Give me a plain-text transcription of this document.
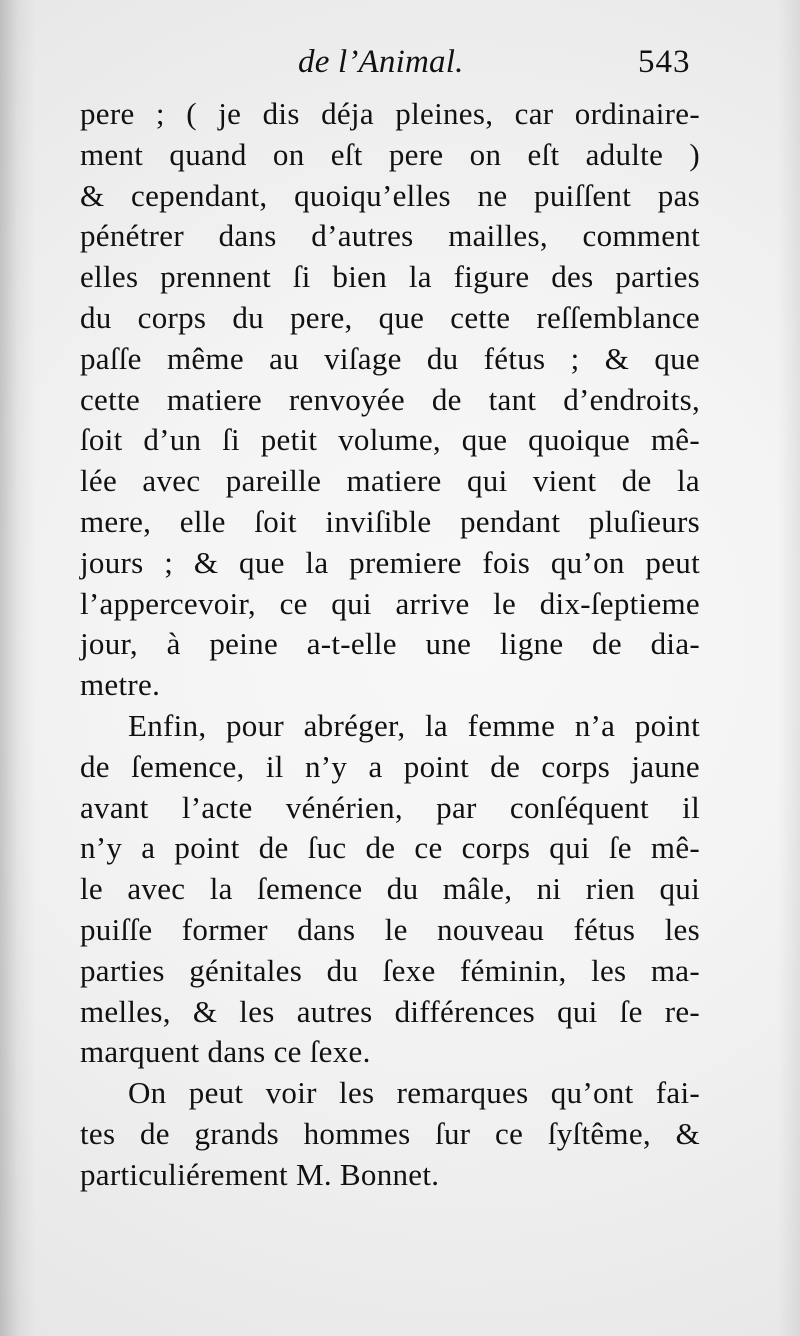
de l’Animal.	543
pere ; ( je dis déja pleines, car ordinaire-
ment quand on eſt pere on eſt adulte )
& cependant, quoiqu’elles ne puiſſent pas
pénétrer dans d’autres mailles, comment
elles prennent ſi bien la figure des parties
du corps du pere, que cette reſſemblance
paſſe même au viſage du fétus ; & que
cette matiere renvoyée de tant d’endroits,
ſoit d’un ſi petit volume, que quoique mê-
lée avec pareille matiere qui vient de la
mere, elle ſoit inviſible pendant pluſieurs
jours ; & que la premiere fois qu’on peut
l’appercevoir, ce qui arrive le dix-ſeptieme
jour, à peine a-t-elle une ligne de dia-
metre.
Enfin, pour abréger, la femme n’a point
de ſemence, il n’y a point de corps jaune
avant l’acte vénérien, par conſéquent il
n’y a point de ſuc de ce corps qui ſe mê-
le avec la ſemence du mâle, ni rien qui
puiſſe former dans le nouveau fétus les
parties génitales du ſexe féminin, les ma-
melles, & les autres différences qui ſe re-
marquent dans ce ſexe.
On peut voir les remarques qu’ont fai-
tes de grands hommes ſur ce ſyſtême, &
particuliérement M. Bonnet.
